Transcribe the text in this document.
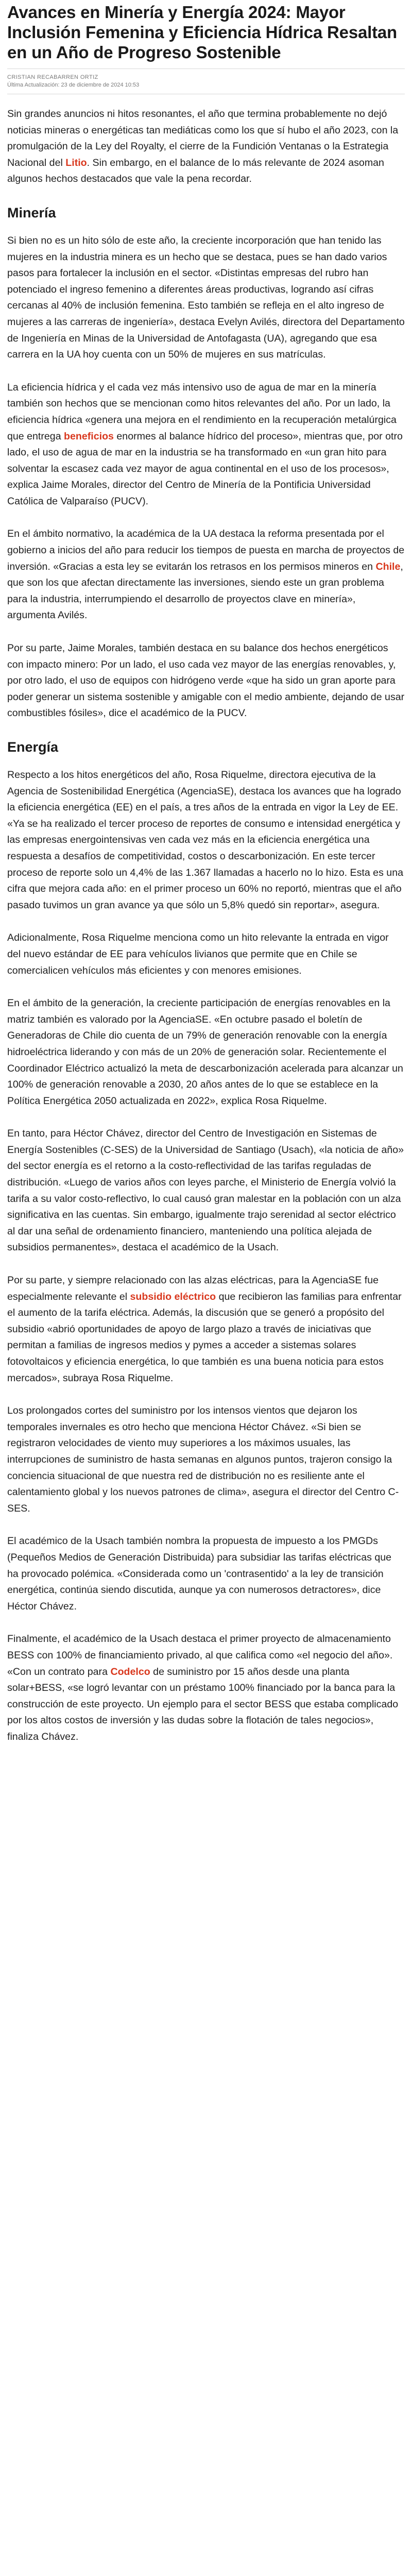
Avances en Minería y Energía 2024: Mayor Inclusión Femenina y Eficiencia Hídrica Resaltan en un Año de Progreso Sostenible
CRISTIAN RECABARREN ORTIZ
Última Actualización: 23 de diciembre de 2024 10:53

Sin grandes anuncios ni hitos resonantes, el año que termina probablemente no dejó noticias mineras o energéticas tan mediáticas como los que sí hubo el año 2023, con la promulgación de la Ley del Royalty, el cierre de la Fundición Ventanas o la Estrategia Nacional del Litio. Sin embargo, en el balance de lo más relevante de 2024 asoman algunos hechos destacados que vale la pena recordar.

Minería

Si bien no es un hito sólo de este año, la creciente incorporación que han tenido las mujeres en la industria minera es un hecho que se destaca, pues se han dado varios pasos para fortalecer la inclusión en el sector. «Distintas empresas del rubro han potenciado el ingreso femenino a diferentes áreas productivas, logrando así cifras cercanas al 40% de inclusión femenina. Esto también se refleja en el alto ingreso de mujeres a las carreras de ingeniería», destaca Evelyn Avilés, directora del Departamento de Ingeniería en Minas de la Universidad de Antofagasta (UA), agregando que esa carrera en la UA hoy cuenta con un 50% de mujeres en sus matrículas.

La eficiencia hídrica y el cada vez más intensivo uso de agua de mar en la minería también son hechos que se mencionan como hitos relevantes del año. Por un lado, la eficiencia hídrica «genera una mejora en el rendimiento en la recuperación metalúrgica que entrega beneficios enormes al balance hídrico del proceso», mientras que, por otro lado, el uso de agua de mar en la industria se ha transformado en «un gran hito para solventar la escasez cada vez mayor de agua continental en el uso de los procesos», explica Jaime Morales, director del Centro de Minería de la Pontificia Universidad Católica de Valparaíso (PUCV).

En el ámbito normativo, la académica de la UA destaca la reforma presentada por el gobierno a inicios del año para reducir los tiempos de puesta en marcha de proyectos de inversión. «Gracias a esta ley se evitarán los retrasos en los permisos mineros en Chile, que son los que afectan directamente las inversiones, siendo este un gran problema para la industria, interrumpiendo el desarrollo de proyectos clave en minería», argumenta Avilés.

Por su parte, Jaime Morales, también destaca en su balance dos hechos energéticos con impacto minero: Por un lado, el uso cada vez mayor de las energías renovables, y, por otro lado, el uso de equipos con hidrógeno verde «que ha sido un gran aporte para poder generar un sistema sostenible y amigable con el medio ambiente, dejando de usar combustibles fósiles», dice el académico de la PUCV.

Energía

Respecto a los hitos energéticos del año, Rosa Riquelme, directora ejecutiva de la Agencia de Sostenibilidad Energética (AgenciaSE), destaca los avances que ha logrado la eficiencia energética (EE) en el país, a tres años de la entrada en vigor la Ley de EE. «Ya se ha realizado el tercer proceso de reportes de consumo e intensidad energética y las empresas energointensivas ven cada vez más en la eficiencia energética una respuesta a desafíos de competitividad, costos o descarbonización. En este tercer proceso de reporte solo un 4,4% de las 1.367 llamadas a hacerlo no lo hizo. Esta es una cifra que mejora cada año: en el primer proceso un 60% no reportó, mientras que el año pasado tuvimos un gran avance ya que sólo un 5,8% quedó sin reportar», asegura.

Adicionalmente, Rosa Riquelme menciona como un hito relevante la entrada en vigor del nuevo estándar de EE para vehículos livianos que permite que en Chile se comercialicen vehículos más eficientes y con menores emisiones.

En el ámbito de la generación, la creciente participación de energías renovables en la matriz también es valorado por la AgenciaSE. «En octubre pasado el boletín de Generadoras de Chile dio cuenta de un 79% de generación renovable con la energía hidroeléctrica liderando y con más de un 20% de generación solar. Recientemente el Coordinador Eléctrico actualizó la meta de descarbonización acelerada para alcanzar un 100% de generación renovable a 2030, 20 años antes de lo que se establece en la Política Energética 2050 actualizada en 2022», explica Rosa Riquelme.

En tanto, para Héctor Chávez, director del Centro de Investigación en Sistemas de Energía Sostenibles (C-SES) de la Universidad de Santiago (Usach), «la noticia de año» del sector energía es el retorno a la costo-reflectividad de las tarifas reguladas de distribución. «Luego de varios años con leyes parche, el Ministerio de Energía volvió la tarifa a su valor costo-reflectivo, lo cual causó gran malestar en la población con un alza significativa en las cuentas. Sin embargo, igualmente trajo serenidad al sector eléctrico al dar una señal de ordenamiento financiero, manteniendo una política alejada de subsidios permanentes», destaca el académico de la Usach.

Por su parte, y siempre relacionado con las alzas eléctricas, para la AgenciaSE fue especialmente relevante el subsidio eléctrico que recibieron las familias para enfrentar el aumento de la tarifa eléctrica. Además, la discusión que se generó a propósito del subsidio «abrió oportunidades de apoyo de largo plazo a través de iniciativas que permitan a familias de ingresos medios y pymes a acceder a sistemas solares fotovoltaicos y eficiencia energética, lo que también es una buena noticia para estos mercados», subraya Rosa Riquelme.

Los prolongados cortes del suministro por los intensos vientos que dejaron los temporales invernales es otro hecho que menciona Héctor Chávez. «Si bien se registraron velocidades de viento muy superiores a los máximos usuales, las interrupciones de suministro de hasta semanas en algunos puntos, trajeron consigo la conciencia situacional de que nuestra red de distribución no es resiliente ante el calentamiento global y los nuevos patrones de clima», asegura el director del Centro C-SES.

El académico de la Usach también nombra la propuesta de impuesto a los PMGDs (Pequeños Medios de Generación Distribuida) para subsidiar las tarifas eléctricas que ha provocado polémica. «Considerada como un 'contrasentido' a la ley de transición energética, continúa siendo discutida, aunque ya con numerosos detractores», dice Héctor Chávez.

Finalmente, el académico de la Usach destaca el primer proyecto de almacenamiento BESS con 100% de financiamiento privado, al que califica como «el negocio del año». «Con un contrato para Codelco de suministro por 15 años desde una planta solar+BESS, «se logró levantar con un préstamo 100% financiado por la banca para la construcción de este proyecto. Un ejemplo para el sector BESS que estaba complicado por los altos costos de inversión y las dudas sobre la flotación de tales negocios», finaliza Chávez.
